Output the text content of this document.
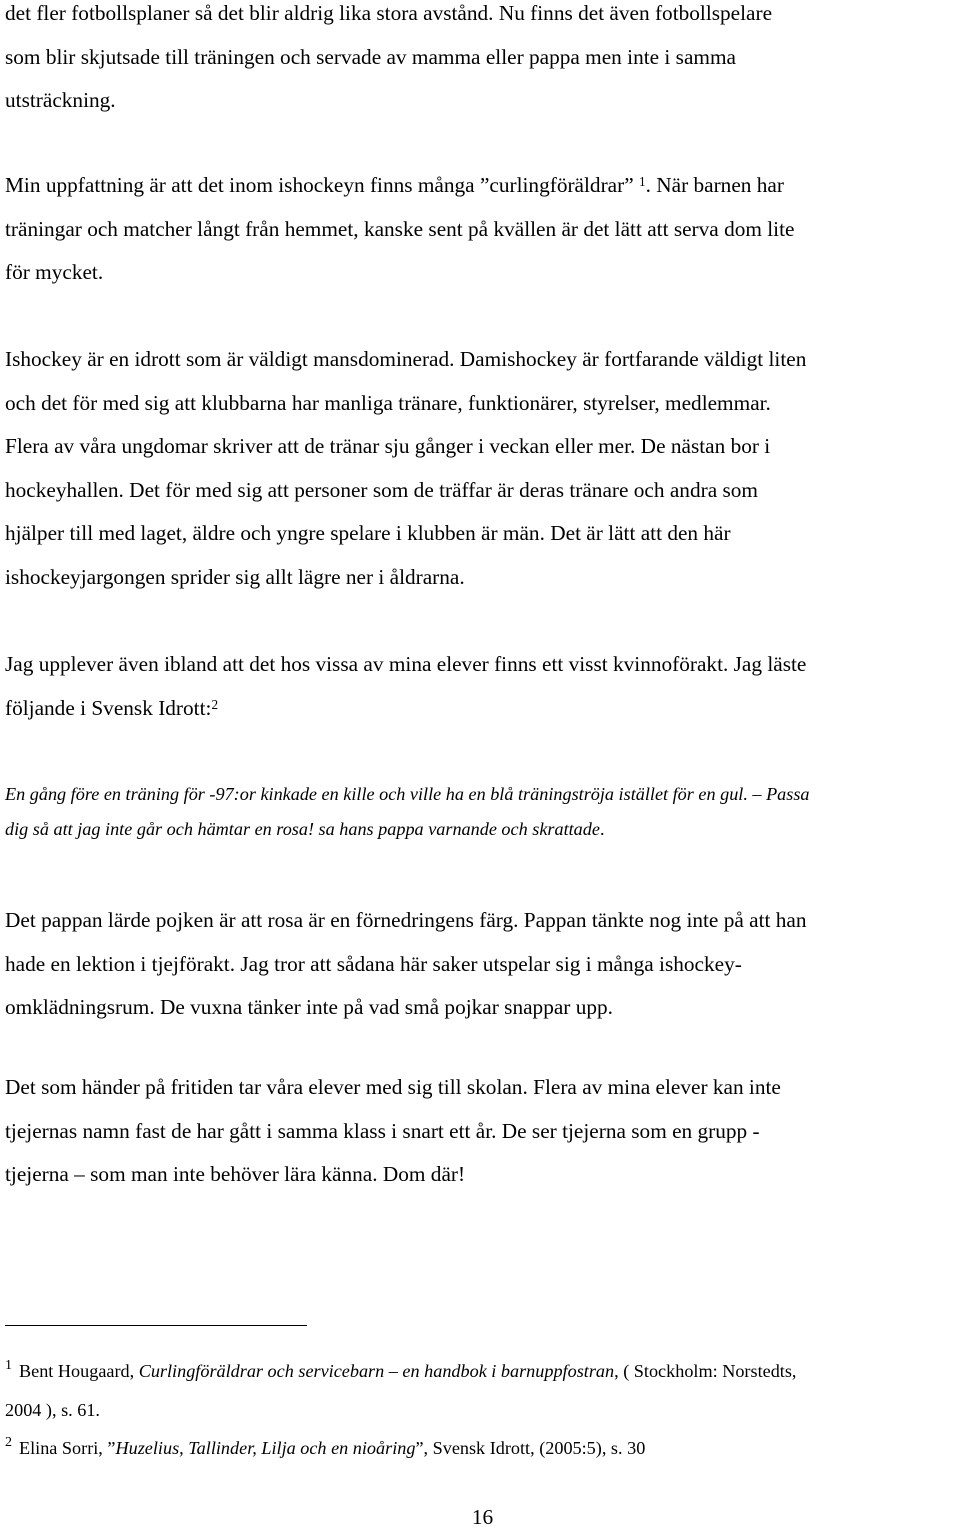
det fler fotbollsplaner så det blir aldrig lika stora avstånd. Nu finns det även fotbollspelare
som blir skjutsade till träningen och servade av mamma eller pappa men inte i samma
utsträckning.

Min uppfattning är att det inom ishockeyn finns många ”curlingföräldrar” $^1$. När barnen har
träningar och matcher långt från hemmet, kanske sent på kvällen är det lätt att serva dom lite
för mycket.

Ishockey är en idrott som är väldigt mansdominerad. Damishockey är fortfarande väldigt liten
och det för med sig att klubbarna har manliga tränare, funktionärer, styrelser, medlemmar.
Flera av våra ungdomar skriver att de tränar sju gånger i veckan eller mer. De nästan bor i
hockeyhallen. Det för med sig att personer som de träffar är deras tränare och andra som
hjälper till med laget, äldre och yngre spelare i klubben är män. Det är lätt att den här
ishockeyjargongen sprider sig allt lägre ner i åldrarna.

Jag upplever även ibland att det hos vissa av mina elever finns ett visst kvinnoförakt. Jag läste
följande i Svensk Idrott:$^2$

En gång före en träning för -97:or kinkade en kille och ville ha en blå träningströja istället för en gul. – Passa
dig så att jag inte går och hämtar en rosa! sa hans pappa varnande och skrattade.

Det pappan lärde pojken är att rosa är en förnedringens färg. Pappan tänkte nog inte på att han
hade en lektion i tjejförakt. Jag tror att sådana här saker utspelar sig i många ishockey-
omklädningsrum. De vuxna tänker inte på vad små pojkar snappar upp.

Det som händer på fritiden tar våra elever med sig till skolan. Flera av mina elever kan inte
tjejernas namn fast de har gått i samma klass i snart ett år. De ser tjejerna som en grupp -
tjejerna – som man inte behöver lära känna. Dom där!

$^1$ Bent Hougaard, Curlingföräldrar och servicebarn – en handbok i barnuppfostran, ( Stockholm: Norstedts,
2004 ), s. 61.

$^2$ Elina Sorri, ”Huzelius, Tallinder, Lilja och en nioåring”, Svensk Idrott, (2005:5), s. 30

16
